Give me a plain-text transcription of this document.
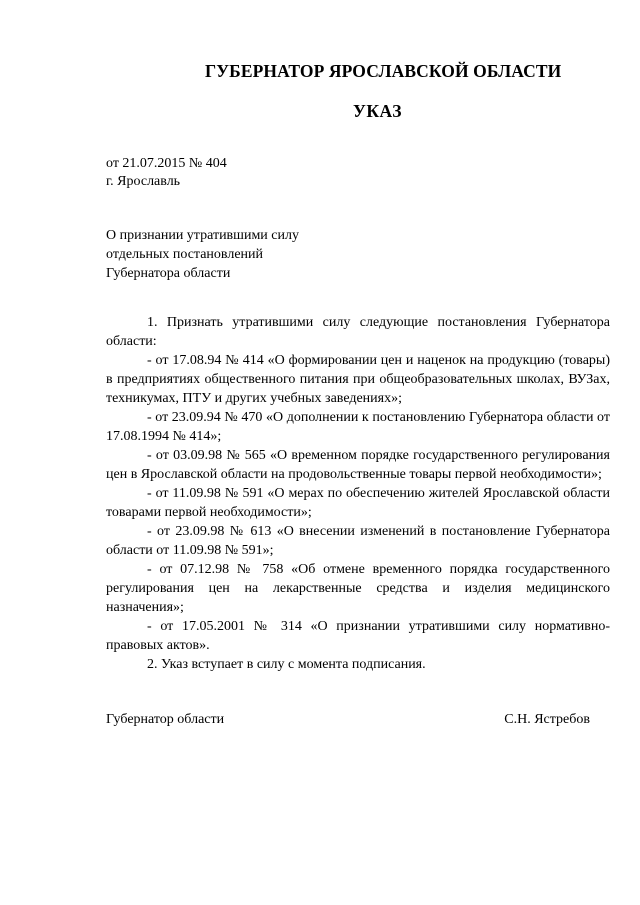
ГУБЕРНАТОР ЯРОСЛАВСКОЙ ОБЛАСТИ
УКАЗ
от 21.07.2015 № 404
г. Ярославль
О признании утратившими силу
отдельных постановлений
Губернатора области

1. Признать утратившими силу следующие постановления Губернатора области:

- от 17.08.94 № 414 «О формировании цен и наценок на продукцию (товары) в предприятиях общественного питания при общеобразовательных школах, ВУЗах, техникумах, ПТУ и других учебных заведениях»;

- от 23.09.94 № 470 «О дополнении к постановлению Губернатора области от 17.08.1994 № 414»;

- от 03.09.98 № 565 «О временном порядке государственного регулирования цен в Ярославской области на продовольственные товары первой необходимости»;

- от 11.09.98 № 591 «О мерах по обеспечению жителей Ярославской области товарами первой необходимости»;

- от 23.09.98 № 613 «О внесении изменений в постановление Губернатора области от 11.09.98 № 591»;

- от 07.12.98 № 758 «Об отмене временного порядка государственного регулирования цен на лекарственные средства и изделия медицинского назначения»;

- от 17.05.2001 № 314 «О признании утратившими силу нормативно-правовых актов».

2. Указ вступает в силу с момента подписания.

Губернатор области	С.Н. Ястребов
